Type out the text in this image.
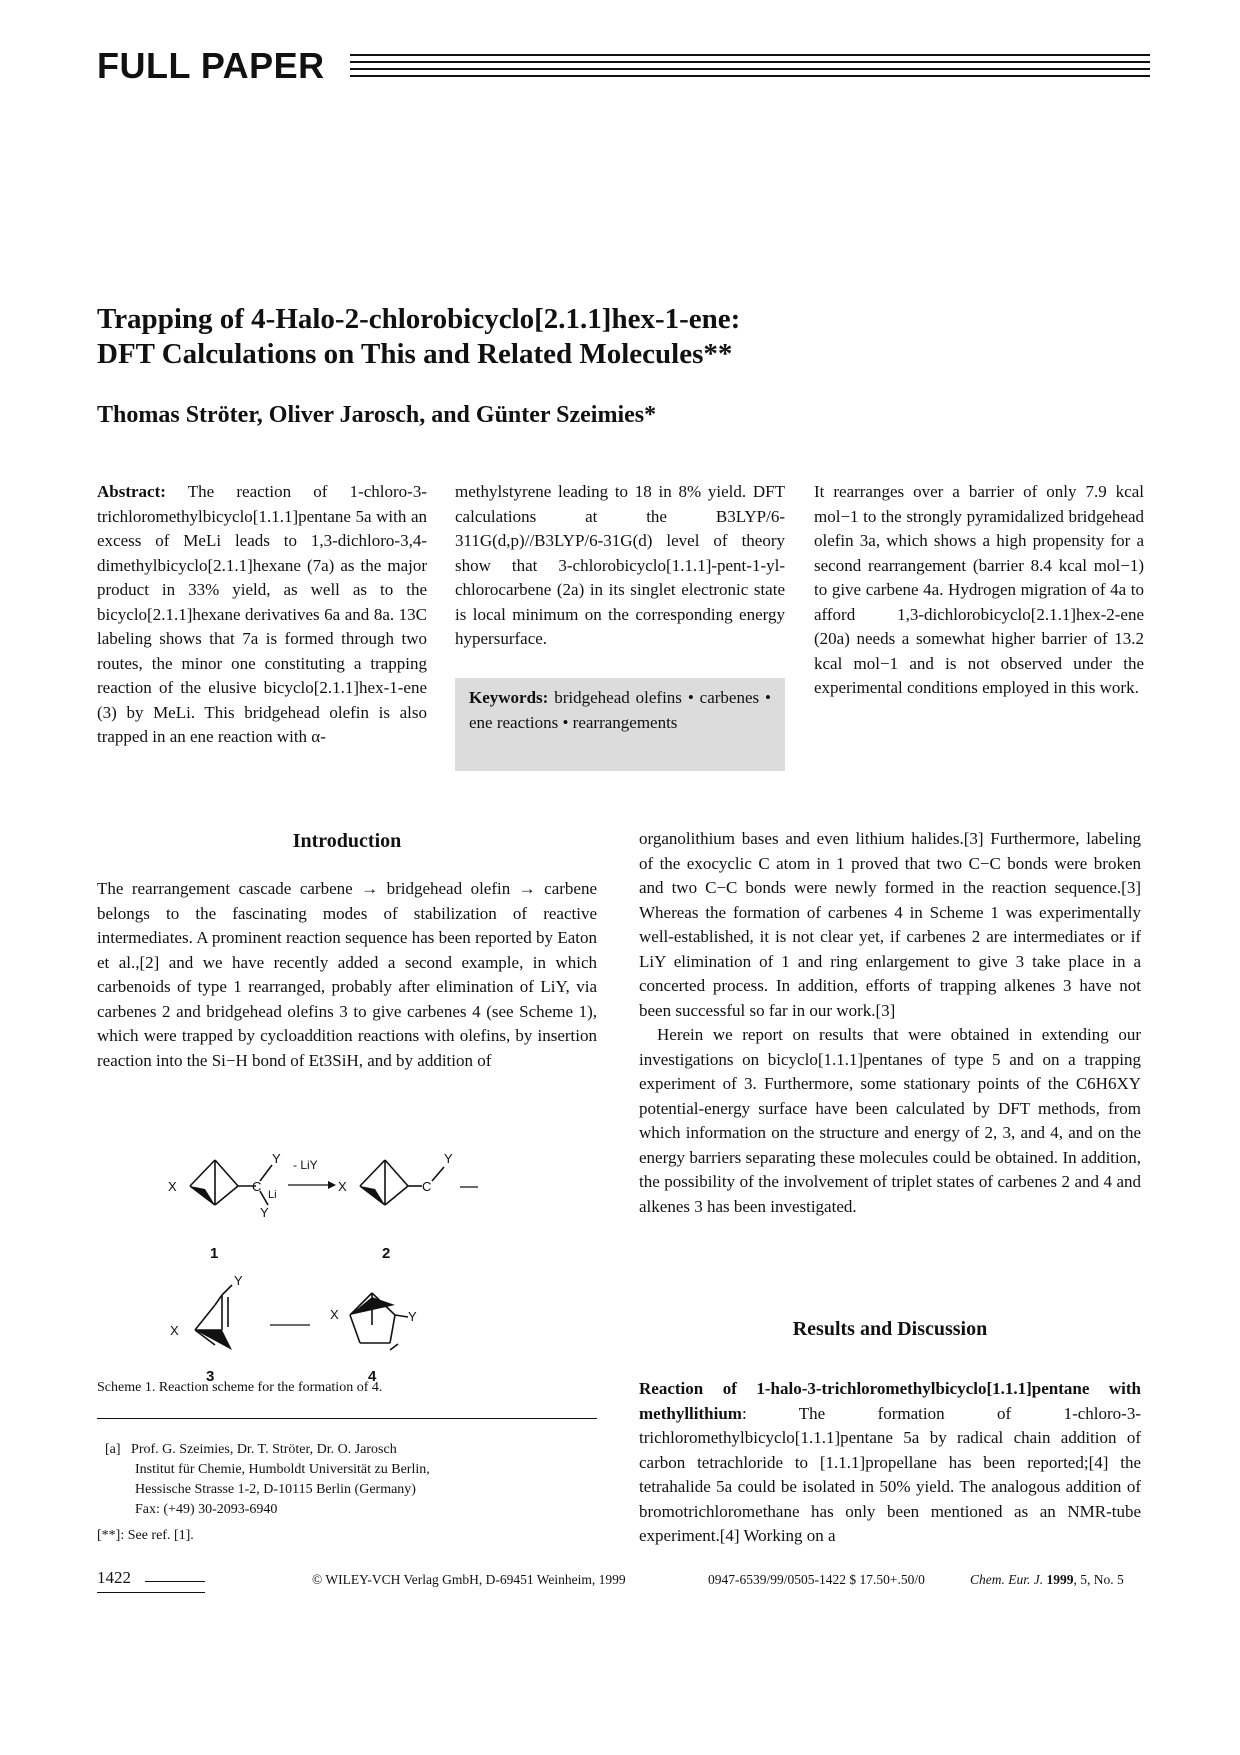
FULL PAPER
Trapping of 4-Halo-2-chlorobicyclo[2.1.1]hex-1-ene:
DFT Calculations on This and Related Molecules**
Thomas Ströter, Oliver Jarosch, and Günter Szeimies*
Abstract: The reaction of 1-chloro-3-trichloromethylbicyclo[1.1.1]pentane 5a with an excess of MeLi leads to 1,3-dichloro-3,4-dimethylbicyclo[2.1.1]hexane (7a) as the major product in 33% yield, as well as to the bicyclo[2.1.1]hexane derivatives 6a and 8a. 13C labeling shows that 7a is formed through two routes, the minor one constituting a trapping reaction of the elusive bicyclo[2.1.1]hex-1-ene (3) by MeLi. This bridgehead olefin is also trapped in an ene reaction with α-
methylstyrene leading to 18 in 8% yield. DFT calculations at the B3LYP/6-311G(d,p)//B3LYP/6-31G(d) level of theory show that 3-chlorobicyclo[1.1.1]-pent-1-yl-chlorocarbene (2a) in its singlet electronic state is local minimum on the corresponding energy hypersurface.
It rearranges over a barrier of only 7.9 kcal mol−1 to the strongly pyramidalized bridgehead olefin 3a, which shows a high propensity for a second rearrangement (barrier 8.4 kcal mol−1) to give carbene 4a. Hydrogen migration of 4a to afford 1,3-dichlorobicyclo[2.1.1]hex-2-ene (20a) needs a somewhat higher barrier of 13.2 kcal mol−1 and is not observed under the experimental conditions employed in this work.
Keywords: bridgehead olefins • carbenes • ene reactions • rearrangements
Introduction
The rearrangement cascade carbene → bridgehead olefin → carbene belongs to the fascinating modes of stabilization of reactive intermediates. A prominent reaction sequence has been reported by Eaton et al.,[2] and we have recently added a second example, in which carbenoids of type 1 rearranged, probably after elimination of LiY, via carbenes 2 and bridgehead olefins 3 to give carbenes 4 (see Scheme 1), which were trapped by cycloaddition reactions with olefins, by insertion reaction into the Si−H bond of Et3SiH, and by addition of

organolithium bases and even lithium halides.[3] Furthermore, labeling of the exocyclic C atom in 1 proved that two C−C bonds were broken and two C−C bonds were newly formed in the reaction sequence.[3] Whereas the formation of carbenes 4 in Scheme 1 was experimentally well-established, it is not clear yet, if carbenes 2 are intermediates or if LiY elimination of 1 and ring enlargement to give 3 take place in a concerted process. In addition, efforts of trapping alkenes 3 have not been successful so far in our work.[3]

Herein we report on results that were obtained in extending our investigations on bicyclo[1.1.1]pentanes of type 5 and on a trapping experiment of 3. Furthermore, some stationary points of the C6H6XY potential-energy surface have been calculated by DFT methods, from which information on the structure and energy of 2, 3, and 4, and on the energy barriers separating these molecules could be obtained. In addition, the possibility of the involvement of triplet states of carbenes 2 and 4 and alkenes 3 has been investigated.

Results and Discussion
Reaction of 1-halo-3-trichloromethylbicyclo[1.1.1]pentane with methyllithium: The formation of 1-chloro-3-trichloromethylbicyclo[1.1.1]pentane 5a by radical chain addition of carbon tetrachloride to [1.1.1]propellane has been reported;[4] the tetrahalide 5a could be isolated in 50% yield. The analogous addition of bromotrichloromethane has only been mentioned as an NMR-tube experiment.[4] Working on a
X	C
Y
Li
Y
1
- LiY
X	C
Y
2
Y
X
3
X	Y
4
Scheme 1. Reaction scheme for the formation of 4.
[a] Prof. G. Szeimies, Dr. T. Ströter, Dr. O. Jarosch
Institut für Chemie, Humboldt Universität zu Berlin,
Hessische Strasse 1-2, D-10115 Berlin (Germany)
Fax: (+49) 30-2093-6940
[**]: See ref. [1].
1422	© WILEY-VCH Verlag GmbH, D-69451 Weinheim, 1999	0947-6539/99/0505-1422 $ 17.50+.50/0	Chem. Eur. J. 1999, 5, No. 5
